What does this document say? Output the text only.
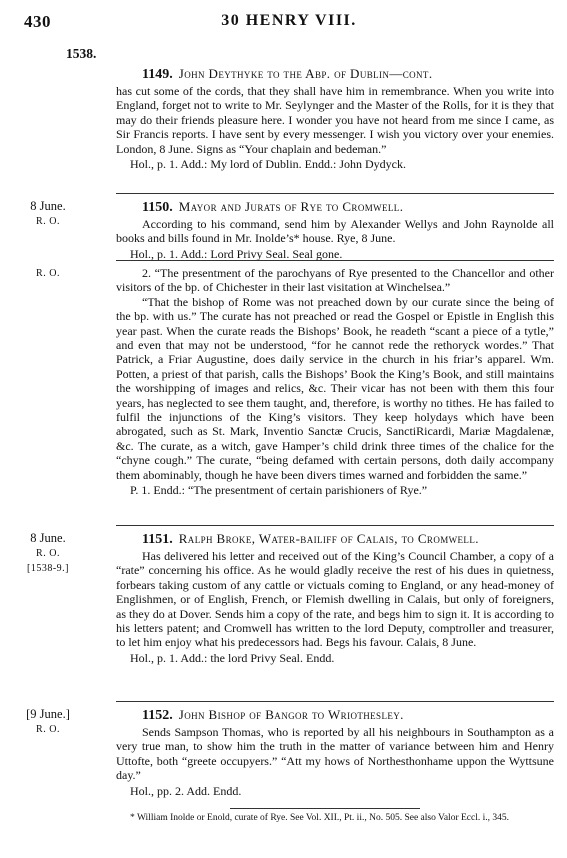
430	30 HENRY VIII.
1538.
1149. John Deythyke to the Abp. of Dublin—cont.

has cut some of the cords, that they shall have him in remembrance. When you write into England, forget not to write to Mr. Seylynger and the Master of the Rolls, for it is they that may do their friends pleasure here. I wonder you have not heard from me since I came, as Sir Francis reports. I have sent by every messenger. I wish you victory over your enemies. London, 8 June. Signs as “Your chaplain and bedeman.”

Hol., p. 1. Add.: My lord of Dublin. Endd.: John Dydyck.
8 June.
R. O.
1150. Mayor and Jurats of Rye to Cromwell.

According to his command, send him by Alexander Wellys and John Raynolde all books and bills found in Mr. Inolde’s* house. Rye, 8 June.

Hol., p. 1. Add.: Lord Privy Seal. Seal gone.
R. O.	2. “The presentment of the parochyans of Rye presented to the Chancellor and other visitors of the bp. of Chichester in their last visitation at Winchelsea.”

“That the bishop of Rome was not preached down by our curate since the being of the bp. with us.” The curate has not preached or read the Gospel or Epistle in English this year past. When the curate reads the Bishops’ Book, he readeth “scant a piece of a tytle,” and even that may not be understood, “for he cannot rede the rethoryck wordes.” That Patrick, a Friar Augustine, does daily service in the church in his friar’s apparel. Wm. Potten, a priest of that parish, calls the Bishops’ Book the King’s Book, and still maintains the worshipping of images and relics, &c. Their vicar has not been with them this four years, has neglected to see them taught, and, therefore, is worthy no tithes. He has failed to fulfil the injunctions of the King’s visitors. They keep holydays which have been abrogated, such as St. Mark, Inventio Sanctæ Crucis, SanctiRicardi, Mariæ Magdalenæ, &c. The curate, as a witch, gave Hamper’s child drink three times of the chalice for the “chyne cough.” The curate, “being defamed with certain persons, doth daily accompany them abominably, though he have been divers times warned and forbidden the same.”

P. 1. Endd.: “The presentment of certain parishioners of Rye.”
8 June.
R. O.
[1538-9.]
1151. Ralph Broke, Water-bailiff of Calais, to Cromwell.

Has delivered his letter and received out of the King’s Council Chamber, a copy of a “rate” concerning his office. As he would gladly receive the rest of his dues in quietness, forbears taking custom of any cattle or victuals coming to England, or any head-money of Englishmen, or of English, French, or Flemish dwelling in Calais, but only of foreigners, as they do at Dover. Sends him a copy of the rate, and begs him to sign it. It is according to his letters patent; and Cromwell has written to the lord Deputy, comptroller and treasurer, to let him enjoy what his predecessors had. Begs his favour. Calais, 8 June.

Hol., p. 1. Add.: the lord Privy Seal. Endd.
[9 June.]
R. O.
1152. John Bishop of Bangor to Wriothesley.

Sends Sampson Thomas, who is reported by all his neighbours in Southampton as a very true man, to show him the truth in the matter of variance between him and Henry Uttofte, both “greete occupyers.” “Att my hows of Northesthonhame uppon the Wyttsune day.”

Hol., pp. 2. Add. Endd.
* William Inolde or Enold, curate of Rye. See Vol. XII., Pt. ii., No. 505. See also Valor Eccl. i., 345.
